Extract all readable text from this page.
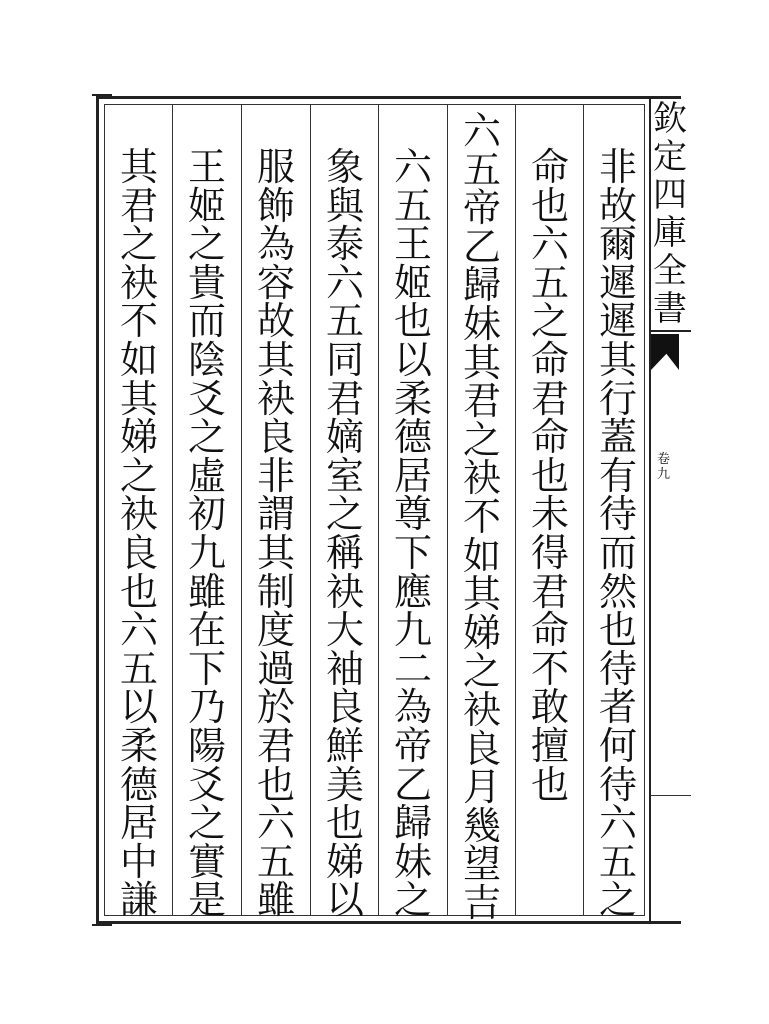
非
故
爾
遲
遲
其
行
蓋
有
待
而
然
也
待
者
何
待
六
五
之
命
也
六
五
之
命
君
命
也
未
得
君
命
不
敢
擅
也
六
五
帝
乙
歸
妹
其
君
之
袂
不
如
其
娣
之
袂
良
月
幾
望
吉
六
五
王
姬
也
以
柔
德
居
尊
下
應
九
二
為
帝
乙
歸
妹
之
象
與
泰
六
五
同
君
嫡
室
之
稱
袂
大
袖
良
鮮
美
也
娣
以
服
飾
為
容
故
其
袂
良
非
謂
其
制
度
過
於
君
也
六
五
雖
王
姬
之
貴
而
陰
爻
之
虛
初
九
雖
在
下
乃
陽
爻
之
實
是
其
君
之
袂
不
如
其
娣
之
袂
良
也
六
五
以
柔
德
居
中
謙
欽
定
四
庫
全
書
卷
九
